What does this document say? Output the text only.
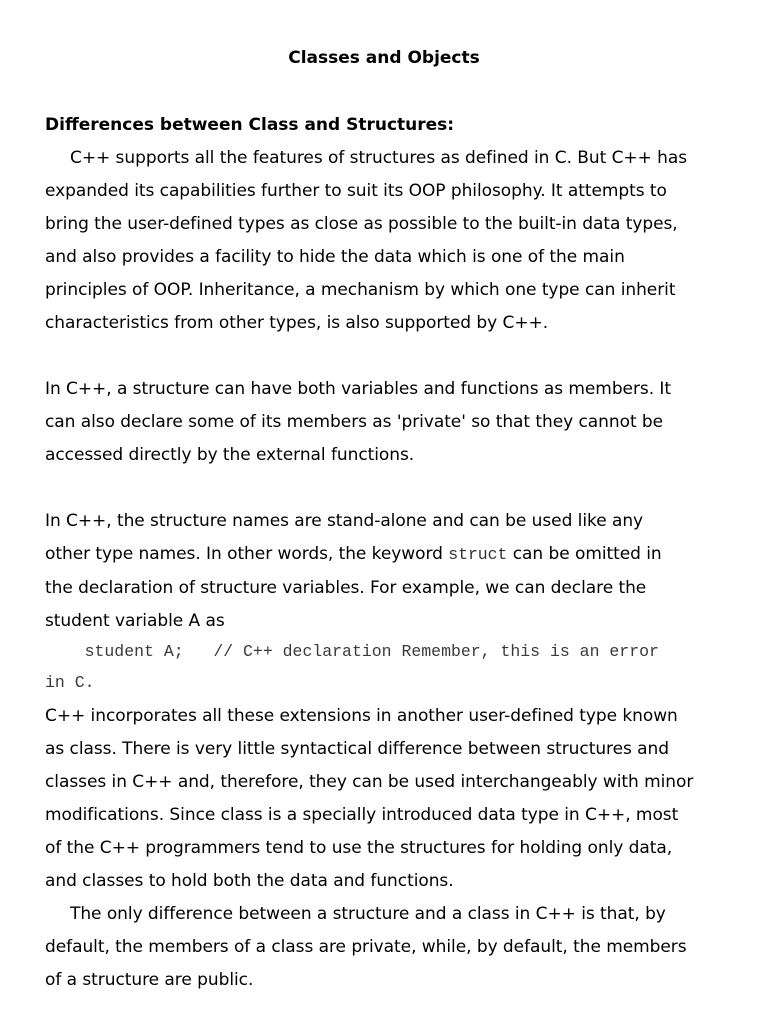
Classes and Objects
Differences between Class and Structures:
C++ supports all the features of structures as defined in C. But C++ has
expanded its capabilities further to suit its OOP philosophy. It attempts to
bring the user-defined types as close as possible to the built-in data types,
and also provides a facility to hide the data which is one of the main
principles of OOP. Inheritance, a mechanism by which one type can inherit
characteristics from other types, is also supported by C++.
In C++, a structure can have both variables and functions as members. It
can also declare some of its members as 'private' so that they cannot be
accessed directly by the external functions.
In C++, the structure names are stand-alone and can be used like any
other type names. In other words, the keyword struct can be omitted in
the declaration of structure variables. For example, we can declare the
student variable A as
student A;   // C++ declaration Remember, this is an error
in C.
C++ incorporates all these extensions in another user-defined type known
as class. There is very little syntactical difference between structures and
classes in C++ and, therefore, they can be used interchangeably with minor
modifications. Since class is a specially introduced data type in C++, most
of the C++ programmers tend to use the structures for holding only data,
and classes to hold both the data and functions.
The only difference between a structure and a class in C++ is that, by
default, the members of a class are private, while, by default, the members
of a structure are public.
